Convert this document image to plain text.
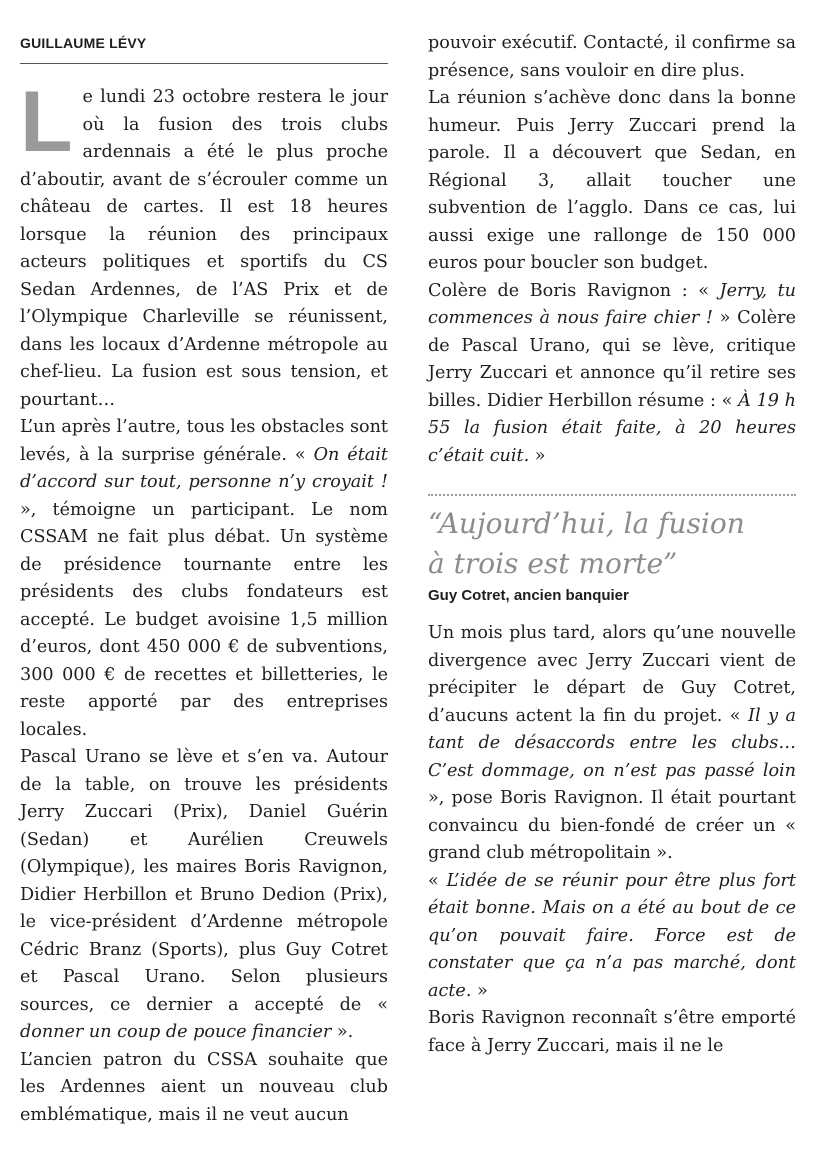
GUILLAUME LÉVY

Le lundi 23 octobre restera le jour où la fusion des trois clubs ardennais a été le plus proche d’aboutir, avant de s’écrouler comme un château de cartes. Il est 18 heures lorsque la réunion des principaux acteurs politiques et sportifs du CS Sedan Ardennes, de l’AS Prix et de l’Olympique Charleville se réunissent, dans les locaux d’Ardenne métropole au chef-lieu. La fusion est sous tension, et pourtant…

L’un après l’autre, tous les obstacles sont levés, à la surprise générale. « On était d’accord sur tout, personne n’y croyait ! », témoigne un participant. Le nom CSSAM ne fait plus débat. Un système de présidence tournante entre les présidents des clubs fondateurs est accepté. Le budget avoisine 1,5 million d’euros, dont 450 000 € de subventions, 300 000 € de recettes et billetteries, le reste apporté par des entreprises locales.

Pascal Urano se lève et s’en va. Autour de la table, on trouve les présidents Jerry Zuccari (Prix), Daniel Guérin (Sedan) et Aurélien Creuwels (Olympique), les maires Boris Ravignon, Didier Herbillon et Bruno Dedion (Prix), le vice-président d’Ardenne métropole Cédric Branz (Sports), plus Guy Cotret et Pascal Urano. Selon plusieurs sources, ce dernier a accepté de « donner un coup de pouce financier ».

L’ancien patron du CSSA souhaite que les Ardennes aient un nouveau club emblématique, mais il ne veut aucun

pouvoir exécutif. Contacté, il confirme sa présence, sans vouloir en dire plus.

La réunion s’achève donc dans la bonne humeur. Puis Jerry Zuccari prend la parole. Il a découvert que Sedan, en Régional 3, allait toucher une subvention de l’agglo. Dans ce cas, lui aussi exige une rallonge de 150 000 euros pour boucler son budget.

Colère de Boris Ravignon : « Jerry, tu commences à nous faire chier ! » Colère de Pascal Urano, qui se lève, critique Jerry Zuccari et annonce qu’il retire ses billes. Didier Herbillon résume : « À 19 h 55 la fusion était faite, à 20 heures c’était cuit. »

“Aujourd’hui, la fusion
à trois est morte”
Guy Cotret, ancien banquier

Un mois plus tard, alors qu’une nouvelle divergence avec Jerry Zuccari vient de précipiter le départ de Guy Cotret, d’aucuns actent la fin du projet. « Il y a tant de désaccords entre les clubs… C’est dommage, on n’est pas passé loin », pose Boris Ravignon. Il était pourtant convaincu du bien-fondé de créer un « grand club métropolitain ».

« L’idée de se réunir pour être plus fort était bonne. Mais on a été au bout de ce qu’on pouvait faire. Force est de constater que ça n’a pas marché, dont acte. »

Boris Ravignon reconnaît s’être emporté face à Jerry Zuccari, mais il ne le
